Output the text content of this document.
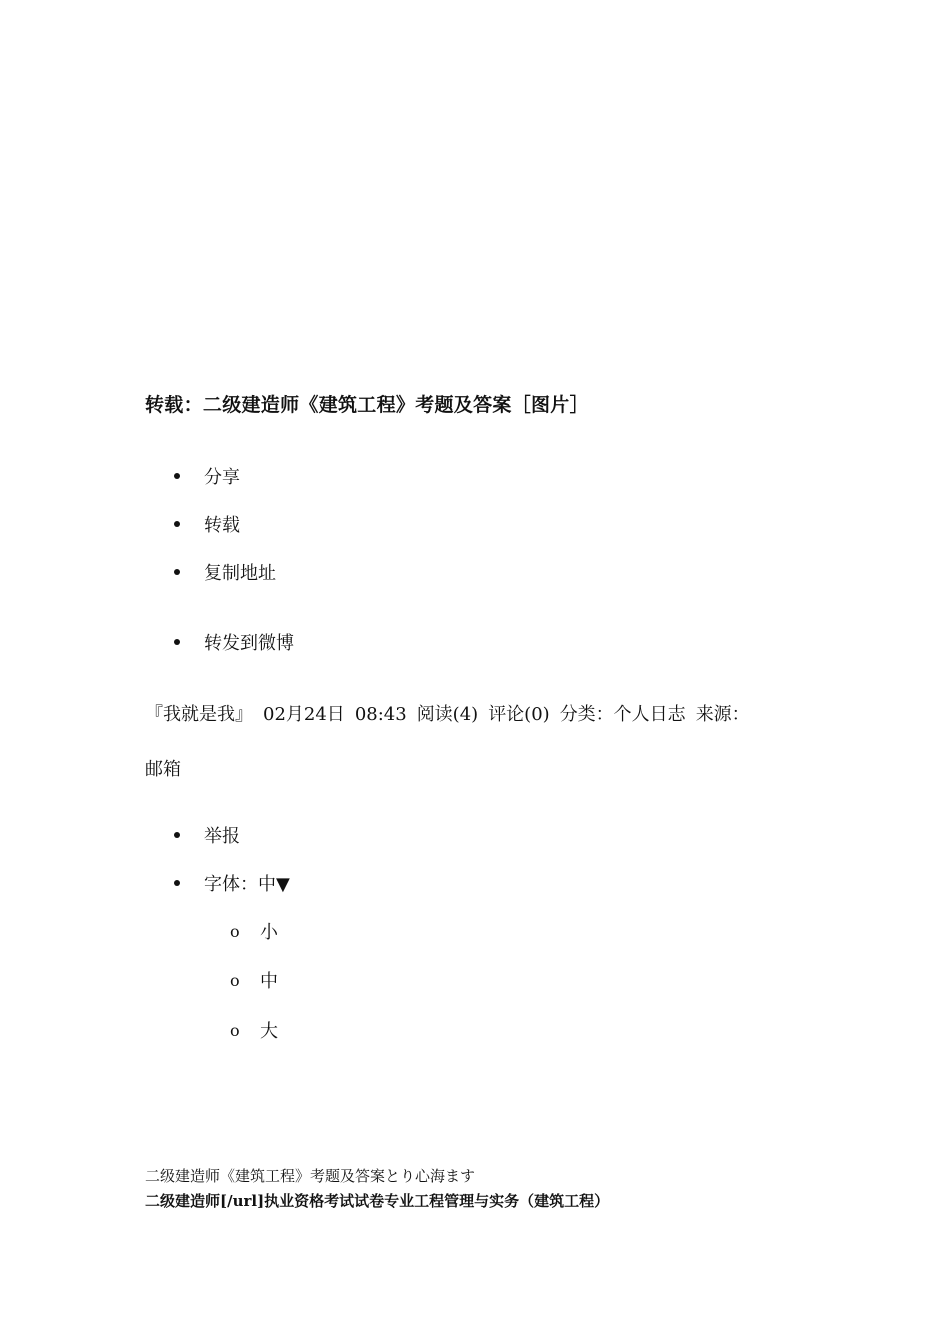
转载：二级建造师《建筑工程》考题及答案［图片］
分享
转载
复制地址
转发到微博
『我就是我』 02月24日 08:43 阅读(4) 评论(0) 分类：个人日志 来源：
邮箱
举报
字体：中▼
o	小
o	中
o	大
二级建造师《建筑工程》考题及答案とり心海ます
二级建造师[/url]执业资格考试试卷专业工程管理与实务（建筑工程）
